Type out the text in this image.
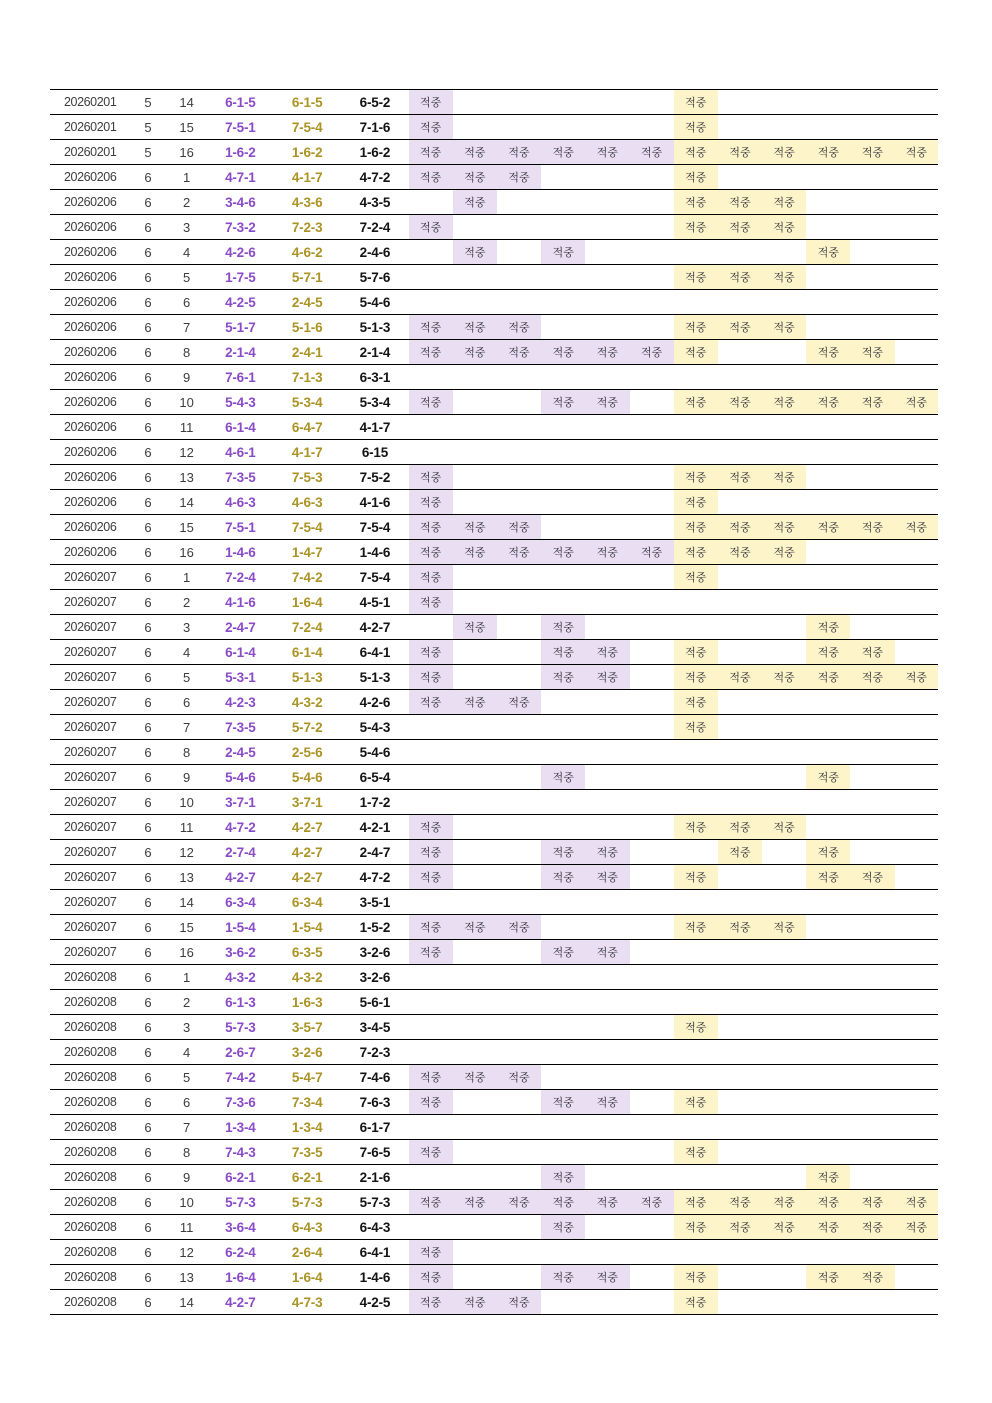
20260201	5	14	6-1-5	6-1-5	6-5-2	적중						적중					
20260201	5	15	7-5-1	7-5-4	7-1-6	적중						적중					
20260201	5	16	1-6-2	1-6-2	1-6-2	적중	적중	적중	적중	적중	적중	적중	적중	적중	적중	적중	적중
20260206	6	1	4-7-1	4-1-7	4-7-2	적중	적중	적중				적중					
20260206	6	2	3-4-6	4-3-6	4-3-5		적중					적중	적중	적중			
20260206	6	3	7-3-2	7-2-3	7-2-4	적중						적중	적중	적중			
20260206	6	4	4-2-6	4-6-2	2-4-6		적중		적중						적중		
20260206	6	5	1-7-5	5-7-1	5-7-6							적중	적중	적중			
20260206	6	6	4-2-5	2-4-5	5-4-6												
20260206	6	7	5-1-7	5-1-6	5-1-3	적중	적중	적중				적중	적중	적중			
20260206	6	8	2-1-4	2-4-1	2-1-4	적중	적중	적중	적중	적중	적중	적중			적중	적중	
20260206	6	9	7-6-1	7-1-3	6-3-1												
20260206	6	10	5-4-3	5-3-4	5-3-4	적중			적중	적중		적중	적중	적중	적중	적중	적중
20260206	6	11	6-1-4	6-4-7	4-1-7												
20260206	6	12	4-6-1	4-1-7	6-15												
20260206	6	13	7-3-5	7-5-3	7-5-2	적중						적중	적중	적중			
20260206	6	14	4-6-3	4-6-3	4-1-6	적중						적중					
20260206	6	15	7-5-1	7-5-4	7-5-4	적중	적중	적중				적중	적중	적중	적중	적중	적중
20260206	6	16	1-4-6	1-4-7	1-4-6	적중	적중	적중	적중	적중	적중	적중	적중	적중			
20260207	6	1	7-2-4	7-4-2	7-5-4	적중						적중					
20260207	6	2	4-1-6	1-6-4	4-5-1	적중											
20260207	6	3	2-4-7	7-2-4	4-2-7		적중		적중						적중		
20260207	6	4	6-1-4	6-1-4	6-4-1	적중			적중	적중		적중			적중	적중	
20260207	6	5	5-3-1	5-1-3	5-1-3	적중			적중	적중		적중	적중	적중	적중	적중	적중
20260207	6	6	4-2-3	4-3-2	4-2-6	적중	적중	적중				적중					
20260207	6	7	7-3-5	5-7-2	5-4-3							적중					
20260207	6	8	2-4-5	2-5-6	5-4-6												
20260207	6	9	5-4-6	5-4-6	6-5-4				적중						적중		
20260207	6	10	3-7-1	3-7-1	1-7-2												
20260207	6	11	4-7-2	4-2-7	4-2-1	적중						적중	적중	적중			
20260207	6	12	2-7-4	4-2-7	2-4-7	적중			적중	적중			적중		적중		
20260207	6	13	4-2-7	4-2-7	4-7-2	적중			적중	적중		적중			적중	적중	
20260207	6	14	6-3-4	6-3-4	3-5-1												
20260207	6	15	1-5-4	1-5-4	1-5-2	적중	적중	적중				적중	적중	적중			
20260207	6	16	3-6-2	6-3-5	3-2-6	적중			적중	적중							
20260208	6	1	4-3-2	4-3-2	3-2-6												
20260208	6	2	6-1-3	1-6-3	5-6-1												
20260208	6	3	5-7-3	3-5-7	3-4-5							적중					
20260208	6	4	2-6-7	3-2-6	7-2-3												
20260208	6	5	7-4-2	5-4-7	7-4-6	적중	적중	적중									
20260208	6	6	7-3-6	7-3-4	7-6-3	적중			적중	적중		적중					
20260208	6	7	1-3-4	1-3-4	6-1-7												
20260208	6	8	7-4-3	7-3-5	7-6-5	적중						적중					
20260208	6	9	6-2-1	6-2-1	2-1-6				적중						적중		
20260208	6	10	5-7-3	5-7-3	5-7-3	적중	적중	적중	적중	적중	적중	적중	적중	적중	적중	적중	적중
20260208	6	11	3-6-4	6-4-3	6-4-3				적중			적중	적중	적중	적중	적중	적중
20260208	6	12	6-2-4	2-6-4	6-4-1	적중											
20260208	6	13	1-6-4	1-6-4	1-4-6	적중			적중	적중		적중			적중	적중	
20260208	6	14	4-2-7	4-7-3	4-2-5	적중	적중	적중				적중					
